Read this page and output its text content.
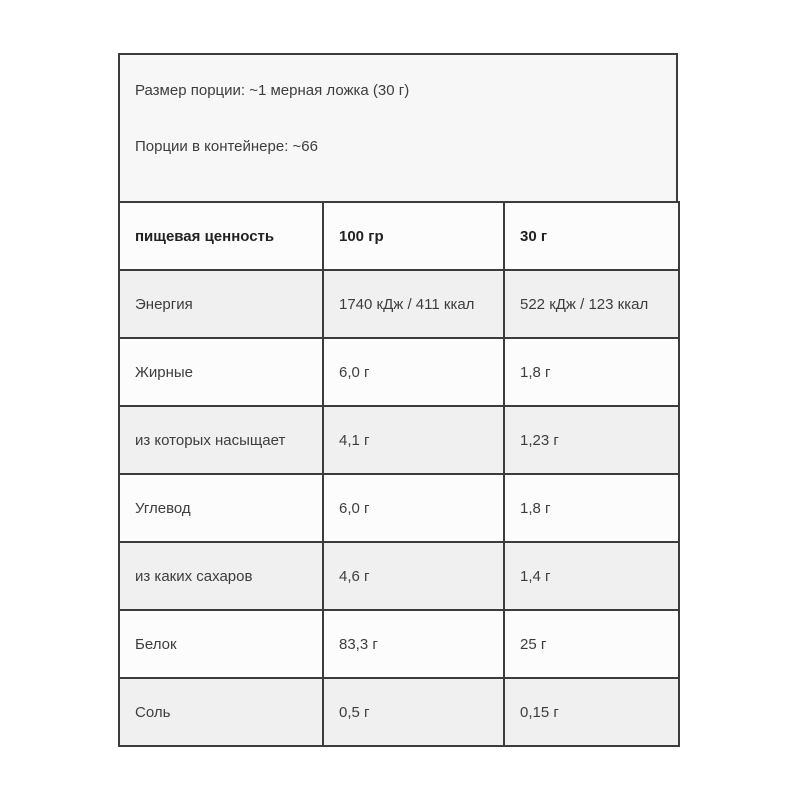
Размер порции: ~1 мерная ложка (30 г)

Порции в контейнере: ~66

пищевая ценность	100 гр	30 г
Энергия	1740 кДж / 411 ккал	522 кДж / 123 ккал
Жирные	6,0 г	1,8 г
из которых насыщает	4,1 г	1,23 г
Углевод	6,0 г	1,8 г
из каких сахаров	4,6 г	1,4 г
Белок	83,3 г	25 г
Соль	0,5 г	0,15 г
